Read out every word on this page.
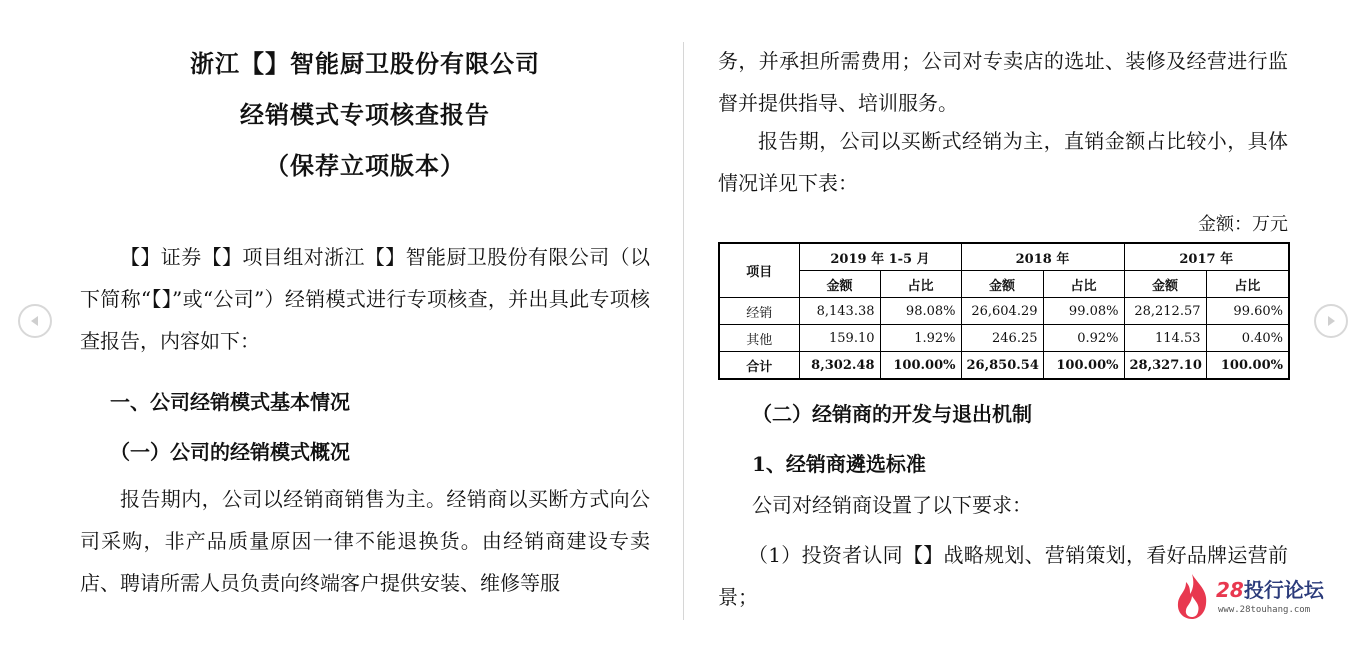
浙江【】智能厨卫股份有限公司
经销模式专项核查报告
（保荐立项版本）

【】证券【】项目组对浙江【】智能厨卫股份有限公司（以下简称“【】”或“公司”）经销模式进行专项核查，并出具此专项核查报告，内容如下：

一、公司经销模式基本情况
（一）公司的经销模式概况

报告期内，公司以经销商销售为主。经销商以买断方式向公司采购，非产品质量原因一律不能退换货。由经销商建设专卖店、聘请所需人员负责向终端客户提供安装、维修等服

务，并承担所需费用；公司对专卖店的选址、装修及经营进行监督并提供指导、培训服务。

报告期，公司以买断式经销为主，直销金额占比较小，具体情况详见下表：

金额：万元
项目	2019 年 1-5 月		2018 年		2017 年	
	金额	占比	金额	占比	金额	占比
经销	8,143.38	98.08%	26,604.29	99.08%	28,212.57	99.60%
其他	159.10	1.92%	246.25	0.92%	114.53	0.40%
合计	8,302.48	100.00%	26,850.54	100.00%	28,327.10	100.00%
（二）经销商的开发与退出机制
1、经销商遴选标准

公司对经销商设置了以下要求：

（1）投资者认同【】战略规划、营销策划，看好品牌运营前景；	28投行论坛
www.28touhang.com
